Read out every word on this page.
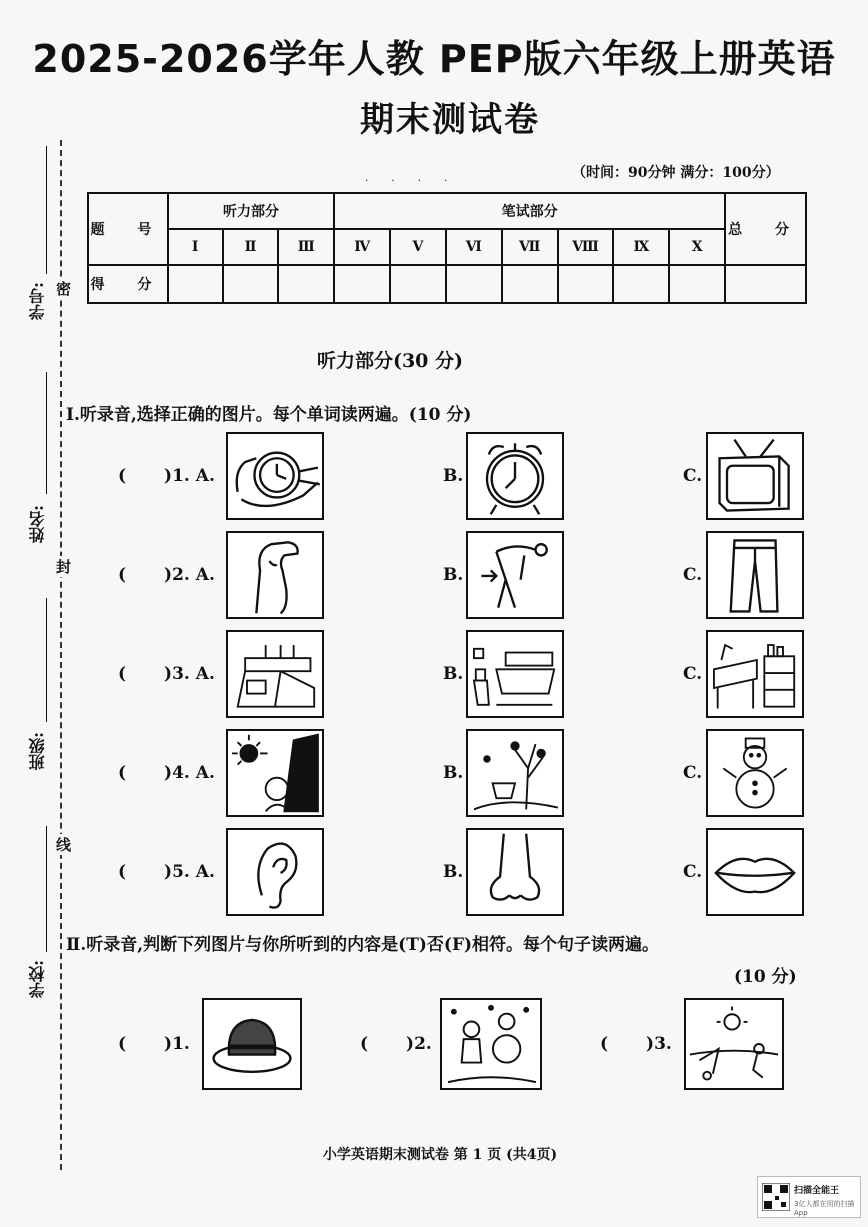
学号:
姓名:
班级:
学校:
密
封
线
2025-2026学年人教 PEP版六年级上册英语
期末测试卷
· · · ·
（时间：90分钟 满分：100分）
题 号	听力部分			笔试部分							总 分
	Ⅰ	Ⅱ	Ⅲ	Ⅳ	Ⅴ	Ⅵ	Ⅶ	Ⅷ	Ⅸ	Ⅹ	
得 分											
听力部分(30 分)
Ⅰ.听录音,选择正确的图片。每个单词读两遍。(10 分)
( )1. A.	B.	C.
( )2. A.	B.	C.
( )3. A.	B.	C.
( )4. A.	B.	C.
( )5. A.	B.	C.
Ⅱ.听录音,判断下列图片与你所听到的内容是(T)否(F)相符。每个句子读两遍。
(10 分)
( )1.	( )2.	( )3.
小学英语期末测试卷 第 1 页 (共4页)
扫描全能王
3亿人都在用的扫描App
